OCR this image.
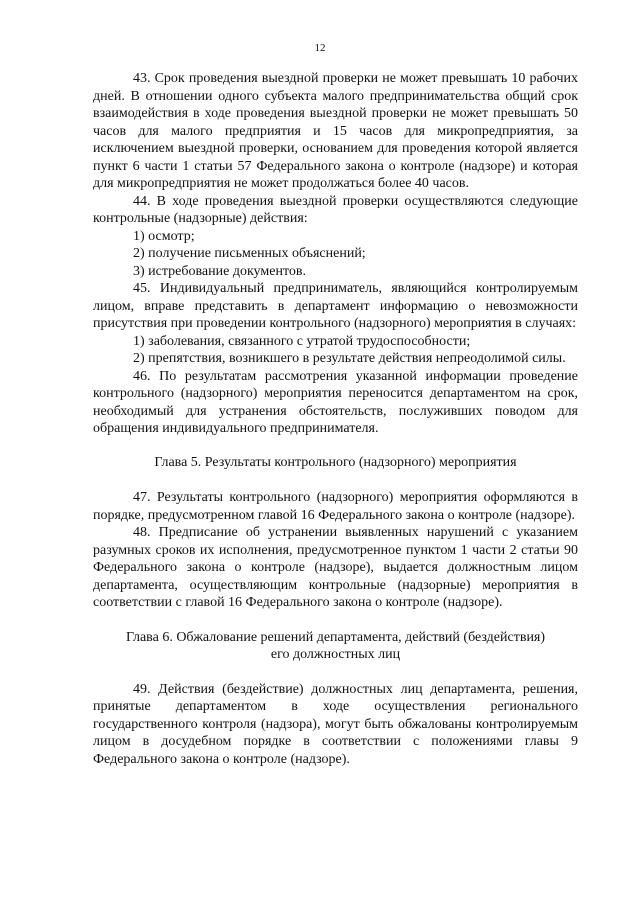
12

43. Срок проведения выездной проверки не может превышать 10 рабочих дней. В отношении одного субъекта малого предпринимательства общий срок взаимодействия в ходе проведения выездной проверки не может превышать 50 часов для малого предприятия и 15 часов для микропредприятия, за исключением выездной проверки, основанием для проведения которой является пункт 6 части 1 статьи 57 Федерального закона о контроле (надзоре) и которая для микропредприятия не может продолжаться более 40 часов.

44. В ходе проведения выездной проверки осуществляются следующие контрольные (надзорные) действия:

1) осмотр;

2) получение письменных объяснений;

3) истребование документов.

45. Индивидуальный предприниматель, являющийся контролируемым лицом, вправе представить в департамент информацию о невозможности присутствия при проведении контрольного (надзорного) мероприятия в случаях:

1) заболевания, связанного с утратой трудоспособности;

2) препятствия, возникшего в результате действия непреодолимой силы.

46. По результатам рассмотрения указанной информации проведение контрольного (надзорного) мероприятия переносится департаментом на срок, необходимый для устранения обстоятельств, послуживших поводом для обращения индивидуального предпринимателя.

Глава 5. Результаты контрольного (надзорного) мероприятия

47. Результаты контрольного (надзорного) мероприятия оформляются в порядке, предусмотренном главой 16 Федерального закона о контроле (надзоре).

48. Предписание об устранении выявленных нарушений с указанием разумных сроков их исполнения, предусмотренное пунктом 1 части 2 статьи 90 Федерального закона о контроле (надзоре), выдается должностным лицом департамента, осуществляющим контрольные (надзорные) мероприятия в соответствии с главой 16 Федерального закона о контроле (надзоре).

Глава 6. Обжалование решений департамента, действий (бездействия)
его должностных лиц

49. Действия (бездействие) должностных лиц департамента, решения, принятые департаментом в ходе осуществления регионального государственного контроля (надзора), могут быть обжалованы контролируемым лицом в досудебном порядке в соответствии с положениями главы 9 Федерального закона о контроле (надзоре).
